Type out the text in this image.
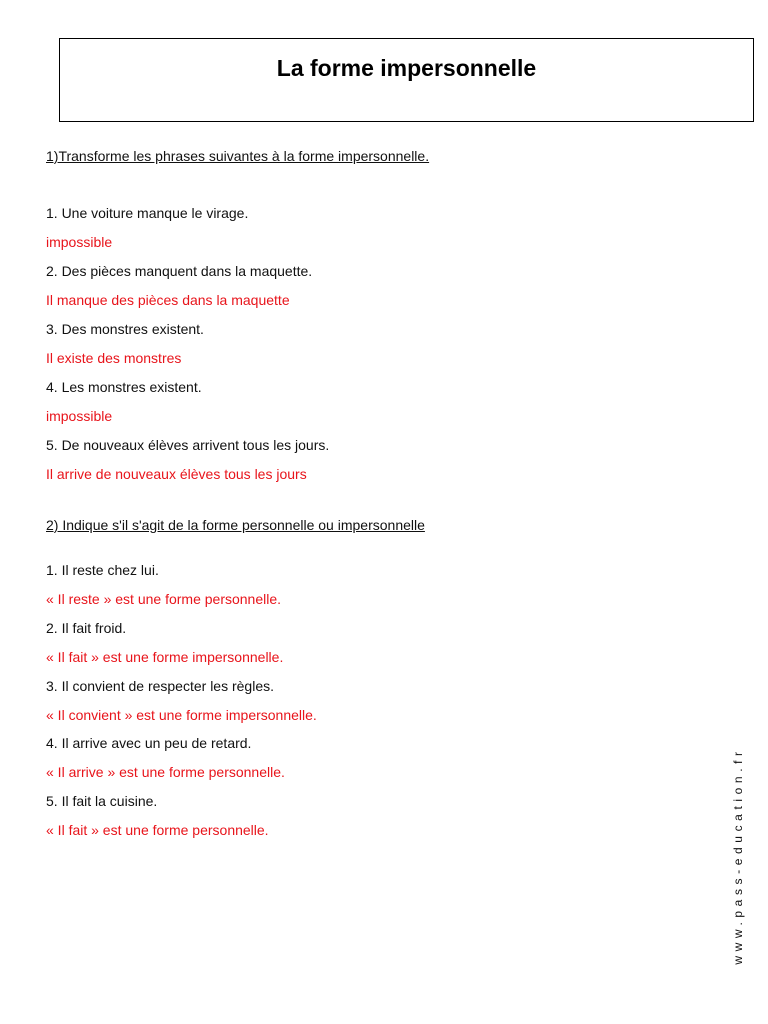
La forme impersonnelle
1)Transforme les phrases suivantes à la forme impersonnelle.
1. Une voiture manque le virage.
impossible
2. Des pièces manquent dans la maquette.
Il manque des pièces dans la maquette
3. Des monstres existent.
Il existe des monstres
4. Les monstres existent.
impossible
5. De nouveaux élèves arrivent tous les jours.
Il arrive de nouveaux élèves tous les jours
2) Indique s'il s'agit de la forme personnelle ou impersonnelle
1. Il reste chez lui.
« Il reste » est une forme personnelle.
2. Il fait froid.
« Il fait » est une forme impersonnelle.
3. Il convient de respecter les règles.
« Il convient » est une forme impersonnelle.
4. Il arrive avec un peu de retard.
« Il arrive » est une forme personnelle.
5. Il fait la cuisine.
« Il fait » est une forme personnelle.	www.pass-education.fr
